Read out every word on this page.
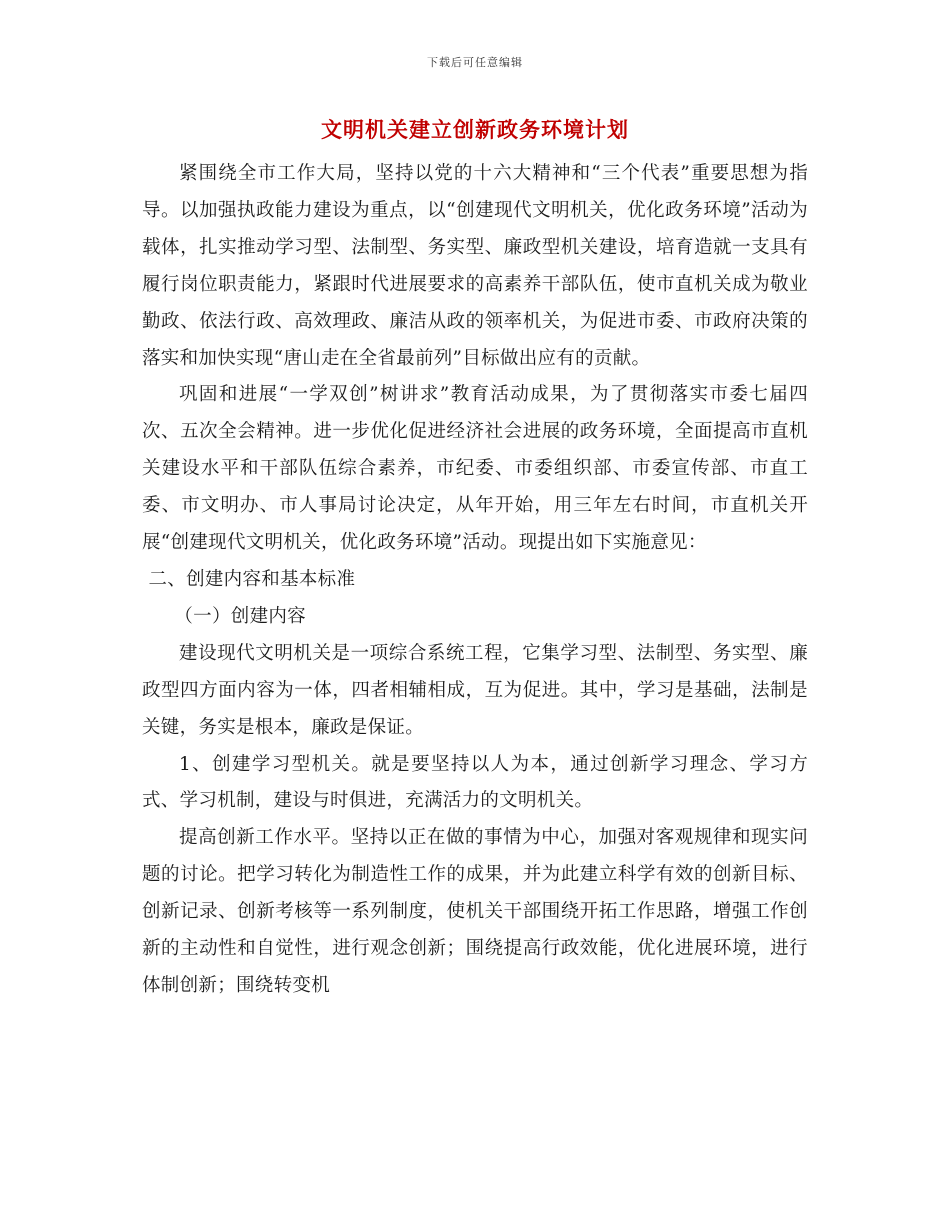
下载后可任意编辑
文明机关建立创新政务环境计划

紧围绕全市工作大局，坚持以党的十六大精神和“三个代表”重要思想为指导。以加强执政能力建设为重点，以“创建现代文明机关，优化政务环境”活动为载体，扎实推动学习型、法制型、务实型、廉政型机关建设，培育造就一支具有履行岗位职责能力，紧跟时代进展要求的高素养干部队伍，使市直机关成为敬业勤政、依法行政、高效理政、廉洁从政的领率机关，为促进市委、市政府决策的落实和加快实现“唐山走在全省最前列”目标做出应有的贡献。

巩固和进展“一学双创”树讲求”教育活动成果，为了贯彻落实市委七届四次、五次全会精神。进一步优化促进经济社会进展的政务环境，全面提高市直机关建设水平和干部队伍综合素养，市纪委、市委组织部、市委宣传部、市直工委、市文明办、市人事局讨论决定，从年开始，用三年左右时间，市直机关开展“创建现代文明机关，优化政务环境”活动。现提出如下实施意见：

二、创建内容和基本标准

（一）创建内容

建设现代文明机关是一项综合系统工程，它集学习型、法制型、务实型、廉政型四方面内容为一体，四者相辅相成，互为促进。其中，学习是基础，法制是关键，务实是根本，廉政是保证。

1、创建学习型机关。就是要坚持以人为本，通过创新学习理念、学习方式、学习机制，建设与时俱进，充满活力的文明机关。

提高创新工作水平。坚持以正在做的事情为中心，加强对客观规律和现实问题的讨论。把学习转化为制造性工作的成果，并为此建立科学有效的创新目标、创新记录、创新考核等一系列制度，使机关干部围绕开拓工作思路，增强工作创新的主动性和自觉性，进行观念创新；围绕提高行政效能，优化进展环境，进行体制创新；围绕转变机
